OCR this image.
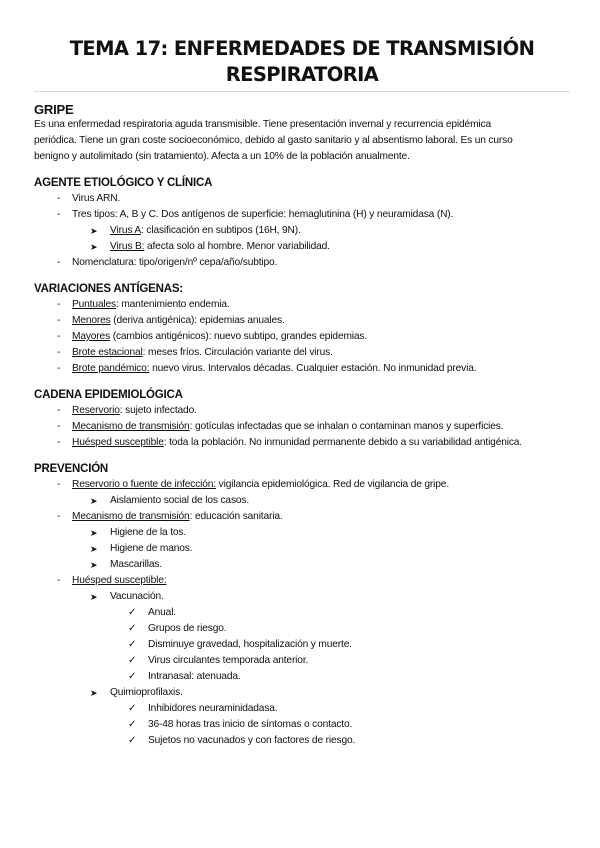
TEMA 17: ENFERMEDADES DE TRANSMISIÓN
RESPIRATORIA
GRIPE

Es una enfermedad respiratoria aguda transmisible. Tiene presentación invernal y recurrencia epidémica
periódica. Tiene un gran coste socioeconómico, debido al gasto sanitario y al absentismo laboral. Es un curso
benigno y autolimitado (sin tratamiento). Afecta a un 10% de la población anualmente.

AGENTE ETIOLÓGICO Y CLÍNICA
- Virus ARN.
- Tres tipos: A, B y C. Dos antígenos de superficie: hemaglutinina (H) y neuramidasa (N).
➤ Virus A: clasificación en subtipos (16H, 9N).
➤ Virus B: afecta solo al hombre. Menor variabilidad.
- Nomenclatura: tipo/origen/nº cepa/año/subtipo.
VARIACIONES ANTÍGENAS:
- Puntuales: mantenimiento endemia.
- Menores (deriva antigénica): epidemias anuales.
- Mayores (cambios antigénicos): nuevo subtipo, grandes epidemias.
- Brote estacional: meses fríos. Circulación variante del virus.
- Brote pandémico: nuevo virus. Intervalos décadas. Cualquier estación. No inmunidad previa.
CADENA EPIDEMIOLÓGICA
- Reservorio: sujeto infectado.
- Mecanismo de transmisión: gotículas infectadas que se inhalan o contaminan manos y superficies.
- Huésped susceptible: toda la población. No inmunidad permanente debido a su variabilidad antigénica.
PREVENCIÓN
- Reservorio o fuente de infección: vigilancia epidemiológica. Red de vigilancia de gripe.
➤ Aislamiento social de los casos.
- Mecanismo de transmisión: educación sanitaria.
➤ Higiene de la tos.
➤ Higiene de manos.
➤ Mascarillas.
- Huésped susceptible:
➤ Vacunación.
✓ Anual.
✓ Grupos de riesgo.
✓ Disminuye gravedad, hospitalización y muerte.
✓ Virus circulantes temporada anterior.
✓ Intranasal: atenuada.
➤ Quimioprofilaxis.
✓ Inhibidores neuraminidadasa.
✓ 36-48 horas tras inicio de síntomas o contacto.
✓ Sujetos no vacunados y con factores de riesgo.
